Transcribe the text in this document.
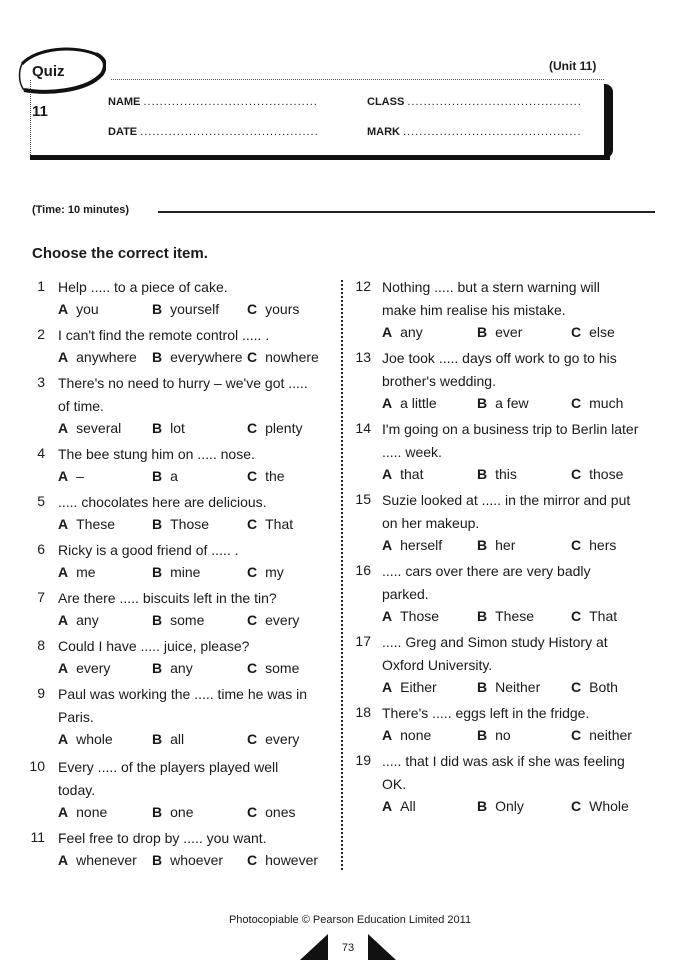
Quiz 11
(Unit 11)
NAME ...........................................	CLASS ...........................................
DATE ............................................	MARK ............................................
(Time: 10 minutes)
Choose the correct item.
1 Help ..... to a piece of cake.
A you	B yourself C yours
2 I can't find the remote control ..... .
A anywhere B everywhere C nowhere
3 There's no need to hurry – we've got .....
of time.
A several B lot	C plenty
4 The bee stung him on ..... nose.
A –	B a	C the
5 ..... chocolates here are delicious.
A These	B Those	C That
6 Ricky is a good friend of ..... .
A me	B mine	C my
7 Are there ..... biscuits left in the tin?
A any	B some	C every
8 Could I have ..... juice, please?
A every	B any	C some
9 Paul was working the ..... time he was in
Paris.
A whole	B all	C every
10 Every ..... of the players played well
today.
A none	B one	C ones
11 Feel free to drop by ..... you want.
A whenever B whoever C however
12 Nothing ..... but a stern warning will
make him realise his mistake.
A any	B ever	C else
13 Joe took ..... days off work to go to his
brother's wedding.
A a little	B a few	C much
14 I'm going on a business trip to Berlin later
..... week.
A that	B this	C those
15 Suzie looked at ..... in the mirror and put
on her makeup.
A herself B her	C hers
16 ..... cars over there are very badly
parked.
A Those	B These	C That
17 ..... Greg and Simon study History at
Oxford University.
A Either	B Neither C Both
18 There's ..... eggs left in the fridge.
A none	B no	C neither
19 ..... that I did was ask if she was feeling
OK.
A All	B Only	C Whole
Photocopiable © Pearson Education Limited 2011
73
